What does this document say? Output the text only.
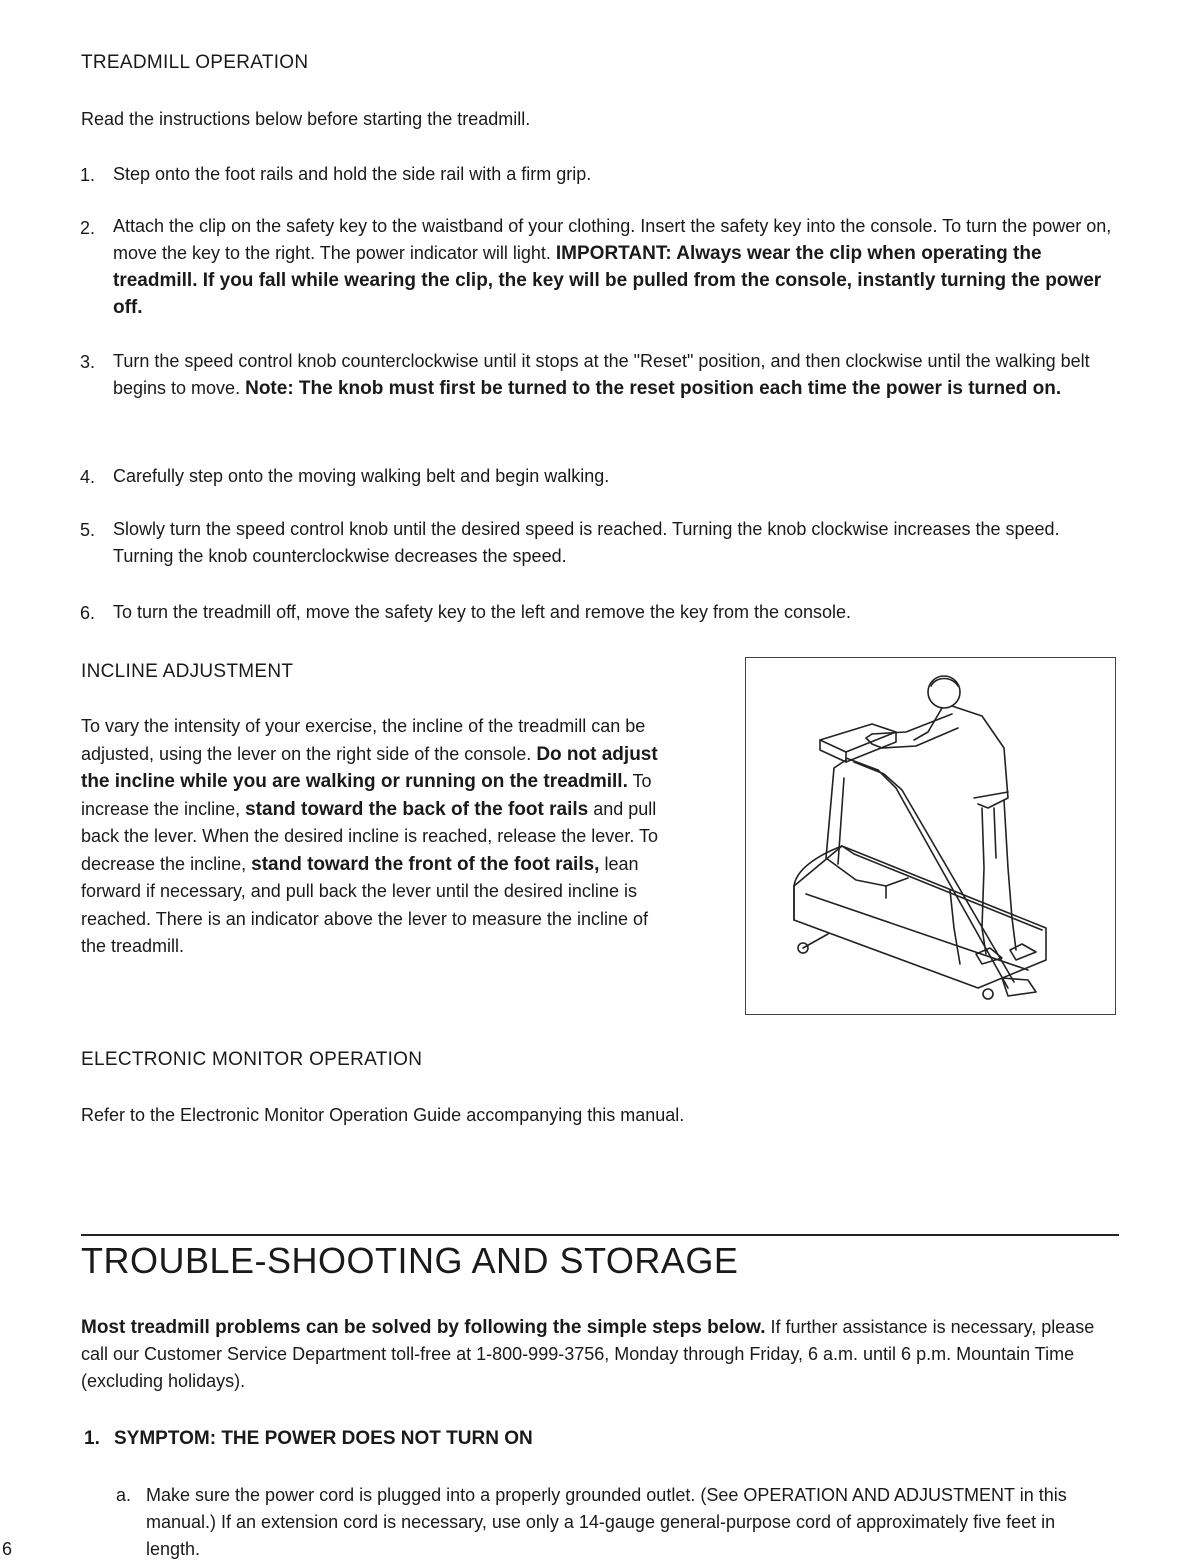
TREADMILL OPERATION
Read the instructions below before starting the treadmill.
1. Step onto the foot rails and hold the side rail with a firm grip.
2. Attach the clip on the safety key to the waistband of your clothing. Insert the safety key into the console. To turn the power on, move the key to the right. The power indicator will light. IMPORTANT: Always wear the clip when operating the treadmill. If you fall while wearing the clip, the key will be pulled from the console, instantly turning the power off.
3. Turn the speed control knob counterclockwise until it stops at the "Reset" position, and then clockwise until the walking belt begins to move. Note: The knob must first be turned to the reset position each time the power is turned on.
4. Carefully step onto the moving walking belt and begin walking.
5. Slowly turn the speed control knob until the desired speed is reached. Turning the knob clockwise increases the speed. Turning the knob counterclockwise decreases the speed.
6. To turn the treadmill off, move the safety key to the left and remove the key from the console.
INCLINE ADJUSTMENT
To vary the intensity of your exercise, the incline of the treadmill can be adjusted, using the lever on the right side of the console. Do not adjust the incline while you are walking or running on the treadmill. To increase the incline, stand toward the back of the foot rails and pull back the lever. When the desired incline is reached, release the lever. To decrease the incline, stand toward the front of the foot rails, lean forward if necessary, and pull back the lever until the desired incline is reached. There is an indicator above the lever to measure the incline of the treadmill.
ELECTRONIC MONITOR OPERATION
Refer to the Electronic Monitor Operation Guide accompanying this manual.
TROUBLE-SHOOTING AND STORAGE
Most treadmill problems can be solved by following the simple steps below. If further assistance is necessary, please call our Customer Service Department toll-free at 1-800-999-3756, Monday through Friday, 6 a.m. until 6 p.m. Mountain Time (excluding holidays).
1. SYMPTOM: THE POWER DOES NOT TURN ON
a. Make sure the power cord is plugged into a properly grounded outlet. (See OPERATION AND ADJUSTMENT in this manual.) If an extension cord is necessary, use only a 14-gauge general-purpose cord of approximately five feet in length.
6
